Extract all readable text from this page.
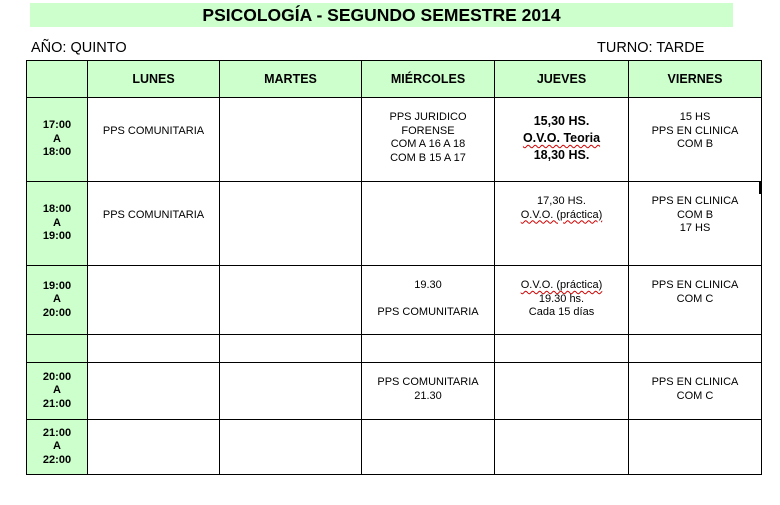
PSICOLOGÍA - SEGUNDO SEMESTRE 2014
AÑO: QUINTO	TURNO: TARDE
	LUNES	MARTES	MIÉRCOLES	JUEVES	VIERNES

17:00
A
18:00	PPS COMUNITARIA		PPS JURIDICO
FORENSE
COM A 16 A 18
COM B 15 A 17	15,30 HS.
O.V.O. Teoria
18,30 HS.	15 HS
PPS EN CLINICA
COM B

18:00
A
19:00	PPS COMUNITARIA			17,30 HS.
O.V.O. (práctica)	PPS EN CLINICA
COM B
17 HS

19:00
A
20:00			19.30
PPS COMUNITARIA	O.V.O. (práctica)
19.30 hs.
Cada 15 días	PPS EN CLINICA
COM C

20:00
A
21:00			PPS COMUNITARIA
21.30		PPS EN CLINICA
COM C

21:00
A
22:00					
